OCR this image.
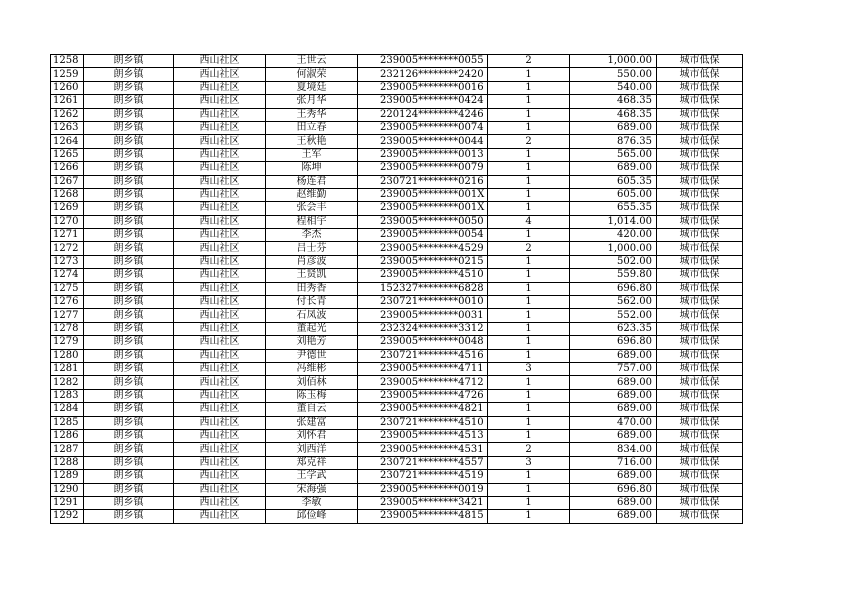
1258	朗乡镇	西山社区	王世云	239005********0055	2	1,000.00	城市低保
1259	朗乡镇	西山社区	何淑荣	232126********2420	1	550.00	城市低保
1260	朗乡镇	西山社区	夏境廷	239005********0016	1	540.00	城市低保
1261	朗乡镇	西山社区	张月华	239005********0424	1	468.35	城市低保
1262	朗乡镇	西山社区	王秀华	220124********4246	1	468.35	城市低保
1263	朗乡镇	西山社区	田立春	239005********0074	1	689.00	城市低保
1264	朗乡镇	西山社区	王秋艳	239005********0044	2	876.35	城市低保
1265	朗乡镇	西山社区	王军	239005********0013	1	565.00	城市低保
1266	朗乡镇	西山社区	陈坤	239005********0079	1	689.00	城市低保
1267	朗乡镇	西山社区	杨连君	230721********0216	1	605.35	城市低保
1268	朗乡镇	西山社区	赵维勤	239005********001X	1	605.00	城市低保
1269	朗乡镇	西山社区	张会丰	239005********001X	1	655.35	城市低保
1270	朗乡镇	西山社区	程相宇	239005********0050	4	1,014.00	城市低保
1271	朗乡镇	西山社区	李杰	239005********0054	1	420.00	城市低保
1272	朗乡镇	西山社区	吕士芬	239005********4529	2	1,000.00	城市低保
1273	朗乡镇	西山社区	肖彦波	239005********0215	1	502.00	城市低保
1274	朗乡镇	西山社区	王贤凯	239005********4510	1	559.80	城市低保
1275	朗乡镇	西山社区	田秀香	152327********6828	1	696.80	城市低保
1276	朗乡镇	西山社区	付长青	230721********0010	1	562.00	城市低保
1277	朗乡镇	西山社区	石凤波	239005********0031	1	552.00	城市低保
1278	朗乡镇	西山社区	董起光	232324********3312	1	623.35	城市低保
1279	朗乡镇	西山社区	刘艳芳	239005********0048	1	696.80	城市低保
1280	朗乡镇	西山社区	尹德世	230721********4516	1	689.00	城市低保
1281	朗乡镇	西山社区	冯维彬	239005********4711	3	757.00	城市低保
1282	朗乡镇	西山社区	刘佰林	239005********4712	1	689.00	城市低保
1283	朗乡镇	西山社区	陈玉梅	239005********4726	1	689.00	城市低保
1284	朗乡镇	西山社区	董自云	239005********4821	1	689.00	城市低保
1285	朗乡镇	西山社区	张建富	230721********4510	1	470.00	城市低保
1286	朗乡镇	西山社区	刘怀君	239005********4513	1	689.00	城市低保
1287	朗乡镇	西山社区	刘西洋	239005********4531	2	834.00	城市低保
1288	朗乡镇	西山社区	郑克祥	230721********4557	3	716.00	城市低保
1289	朗乡镇	西山社区	王学武	230721********4519	1	689.00	城市低保
1290	朗乡镇	西山社区	宋海强	239005********0019	1	696.80	城市低保
1291	朗乡镇	西山社区	李敏	239005********3421	1	689.00	城市低保
1292	朗乡镇	西山社区	邱俭峰	239005********4815	1	689.00	城市低保
